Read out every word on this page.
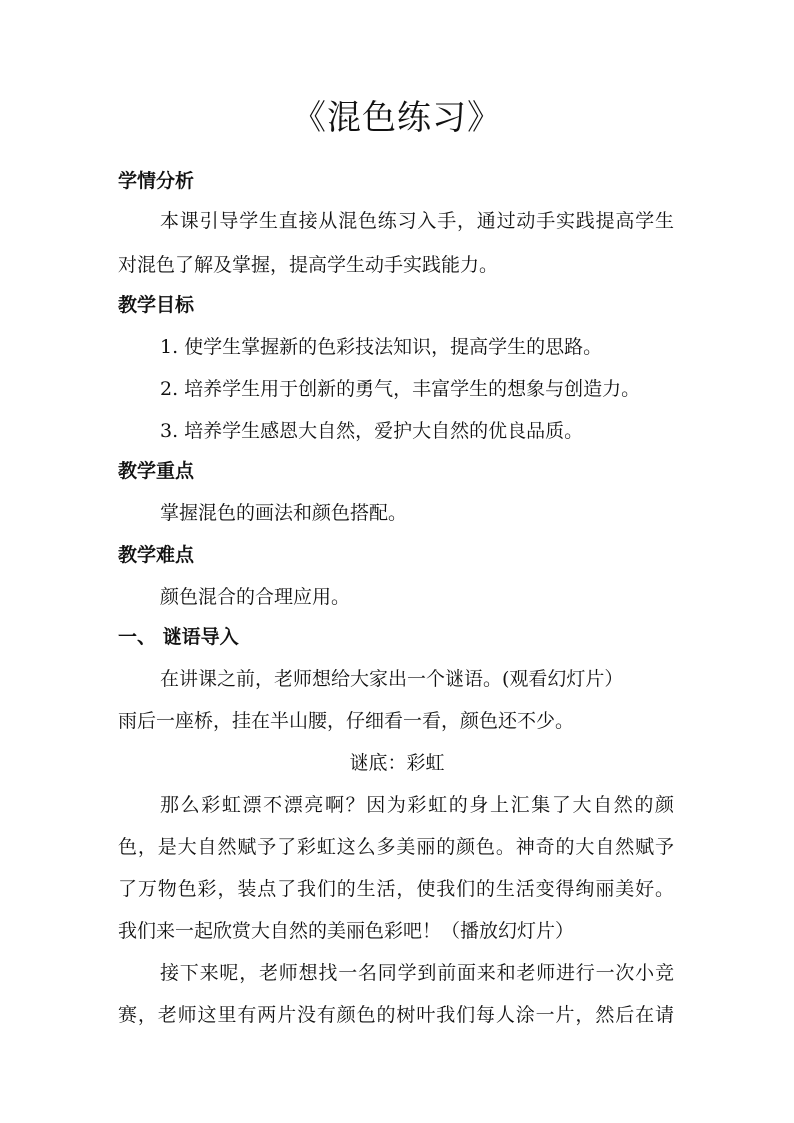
《混色练习》
学情分析
本课引导学生直接从混色练习入手，通过动手实践提高学生
对混色了解及掌握，提高学生动手实践能力。
教学目标
1. 使学生掌握新的色彩技法知识，提高学生的思路。
2. 培养学生用于创新的勇气，丰富学生的想象与创造力。
3. 培养学生感恩大自然，爱护大自然的优良品质。
教学重点
掌握混色的画法和颜色搭配。
教学难点
颜色混合的合理应用。
一、 谜语导入
在讲课之前，老师想给大家出一个谜语。(观看幻灯片）
雨后一座桥，挂在半山腰，仔细看一看，颜色还不少。
谜底：彩虹
那么彩虹漂不漂亮啊？因为彩虹的身上汇集了大自然的颜
色，是大自然赋予了彩虹这么多美丽的颜色。神奇的大自然赋予
了万物色彩，装点了我们的生活，使我们的生活变得绚丽美好。
我们来一起欣赏大自然的美丽色彩吧！（播放幻灯片）
接下来呢，老师想找一名同学到前面来和老师进行一次小竞
赛，老师这里有两片没有颜色的树叶我们每人涂一片，然后在请
